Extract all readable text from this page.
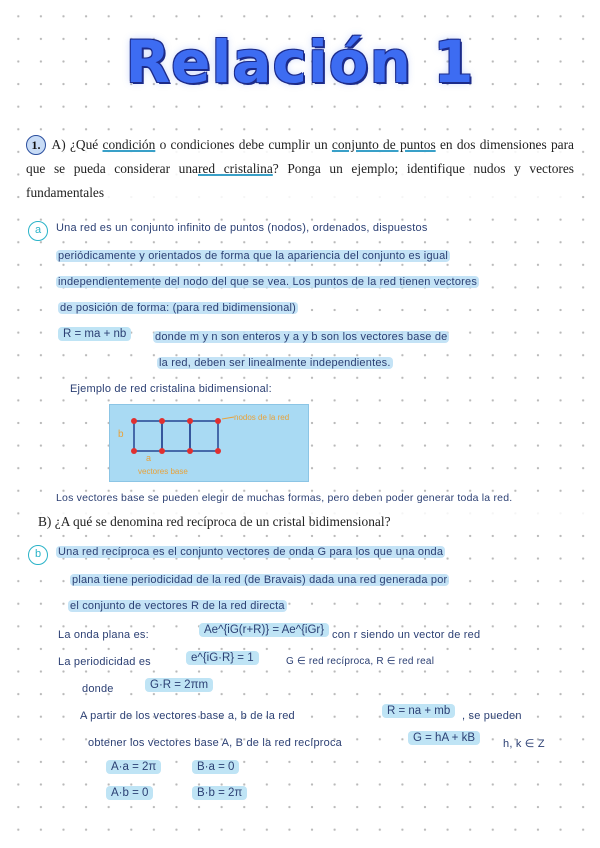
Relación 1
1. A) ¿Qué condición o condiciones debe cumplir un conjunto de puntos en dos dimensiones para que se pueda considerar unared cristalina? Ponga un ejemplo; identifique nudos y vectores fundamentales
a	Una red es un conjunto infinito de puntos (nodos), ordenados, dispuestos
periódicamente y orientados de forma que la apariencia del conjunto es igual
independientemente del nodo del que se vea. Los puntos de la red tienen vectores
de posición de forma: (para red bidimensional)
R = ma + nb	donde m y n son enteros y a y b son los vectores base de
la red, deben ser linealmente independientes.
Ejemplo de red cristalina bidimensional:
nodos de la red
b
a
vectores base
Los vectores base se pueden elegir de muchas formas, pero deben poder generar toda la red.
B) ¿A qué se denomina red recíproca de un cristal bidimensional?
b	Una red recíproca es el conjunto vectores de onda G para los que una onda
plana tiene periodicidad de la red (de Bravais) dada una red generada por
el conjunto de vectores R de la red directa
La onda plana es:	Ae^{iG(r+R)} = Ae^{iGr} con r siendo un vector de red
La periodicidad es	e^{iG·R} = 1	G ∈ red recíproca, R ∈ red real
donde	G·R = 2πm
A partir de los vectores base a, b de la red	R = na + mb	, se pueden
obtener los vectores base A, B de la red recíproca	G = hA + kB	h, k ∈ Z
A·a = 2π	B·a = 0
A·b = 0	B·b = 2π
